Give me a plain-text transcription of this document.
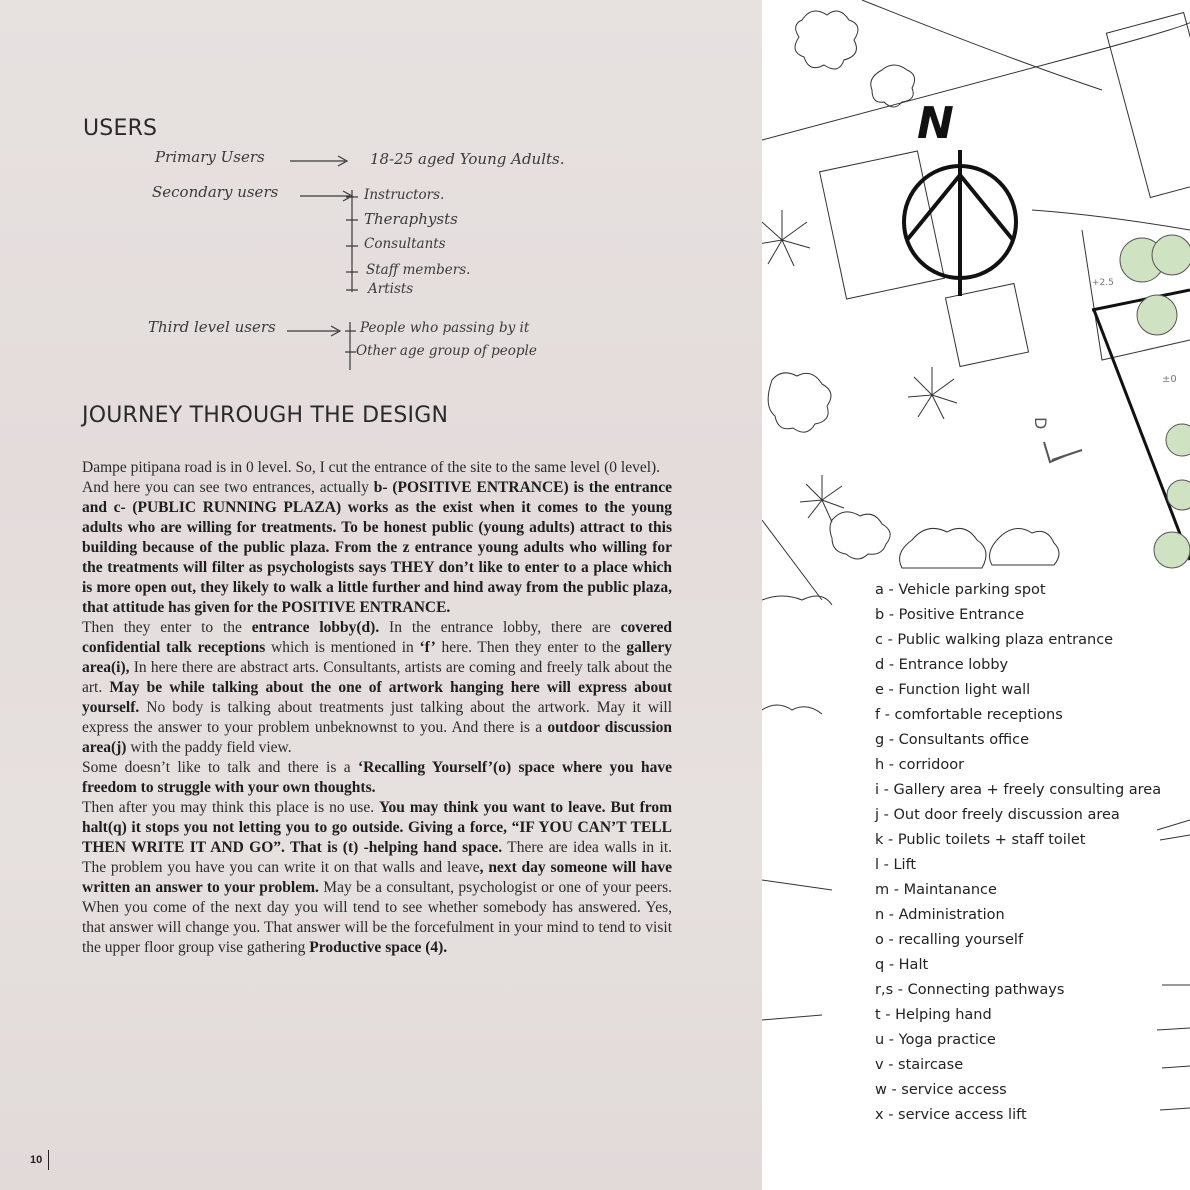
N
D
+2.5
±0
USERS
JOURNEY THROUGH THE DESIGN

Primary Users	18-25 aged Young Adults.

Secondary users	Instructors.

Theraphysts

Consultants

Staff members.

Artists

Third level users	People who passing by it

Other age group of people

Dampe pitipana road is in 0 level. So, I cut the entrance of the site to the same level (0 level).

And here you can see two entrances, actually b- (POSITIVE ENTRANCE) is the entrance and c- (PUBLIC RUNNING PLAZA) works as the exist when it comes to the young adults who are willing for treatments. To be honest public (young adults) attract to this building because of the public plaza. From the z entrance young adults who willing for the treatments will filter as psychologists says THEY don’t like to enter to a place which is more open out, they likely to walk a little further and hind away from the public plaza, that attitude has given for the POSITIVE ENTRANCE.

Then they enter to the entrance lobby(d). In the entrance lobby, there are covered confidential talk receptions which is mentioned in ‘f’ here. Then they enter to the gallery area(i), In here there are abstract arts. Consultants, artists are coming and freely talk about the art. May be while talking about the one of artwork hanging here will express about yourself. No body is talking about treatments just talking about the artwork. May it will express the answer to your problem unbeknownst to you. And there is a outdoor discussion area(j) with the paddy field view.

Some doesn’t like to talk and there is a ‘Recalling Yourself’(o) space where you have freedom to struggle with your own thoughts.

Then after you may think this place is no use. You may think you want to leave. But from halt(q) it stops you not letting you to go outside. Giving a force, “IF YOU CAN’T TELL THEN WRITE IT AND GO”. That is (t) -helping hand space. There are idea walls in it. The problem you have you can write it on that walls and leave, next day someone will have written an answer to your problem. May be a consultant, psychologist or one of your peers. When you come of the next day you will tend to see whether somebody has answered. Yes, that answer will change you. That answer will be the forcefulment in your mind to tend to visit the upper floor group vise gathering Productive space (4).

10
a - Vehicle parking spot
b - Positive Entrance
c - Public walking plaza entrance
d - Entrance lobby
e - Function light wall
f - comfortable receptions
g - Consultants office
h - corridoor
i - Gallery area + freely consulting area
j - Out door freely discussion area
k - Public toilets + staff toilet
l - Lift
m - Maintanance
n - Administration
o - recalling yourself
q - Halt
r,s - Connecting pathways
t - Helping hand
u - Yoga practice
v - staircase
w - service access
x - service access lift
